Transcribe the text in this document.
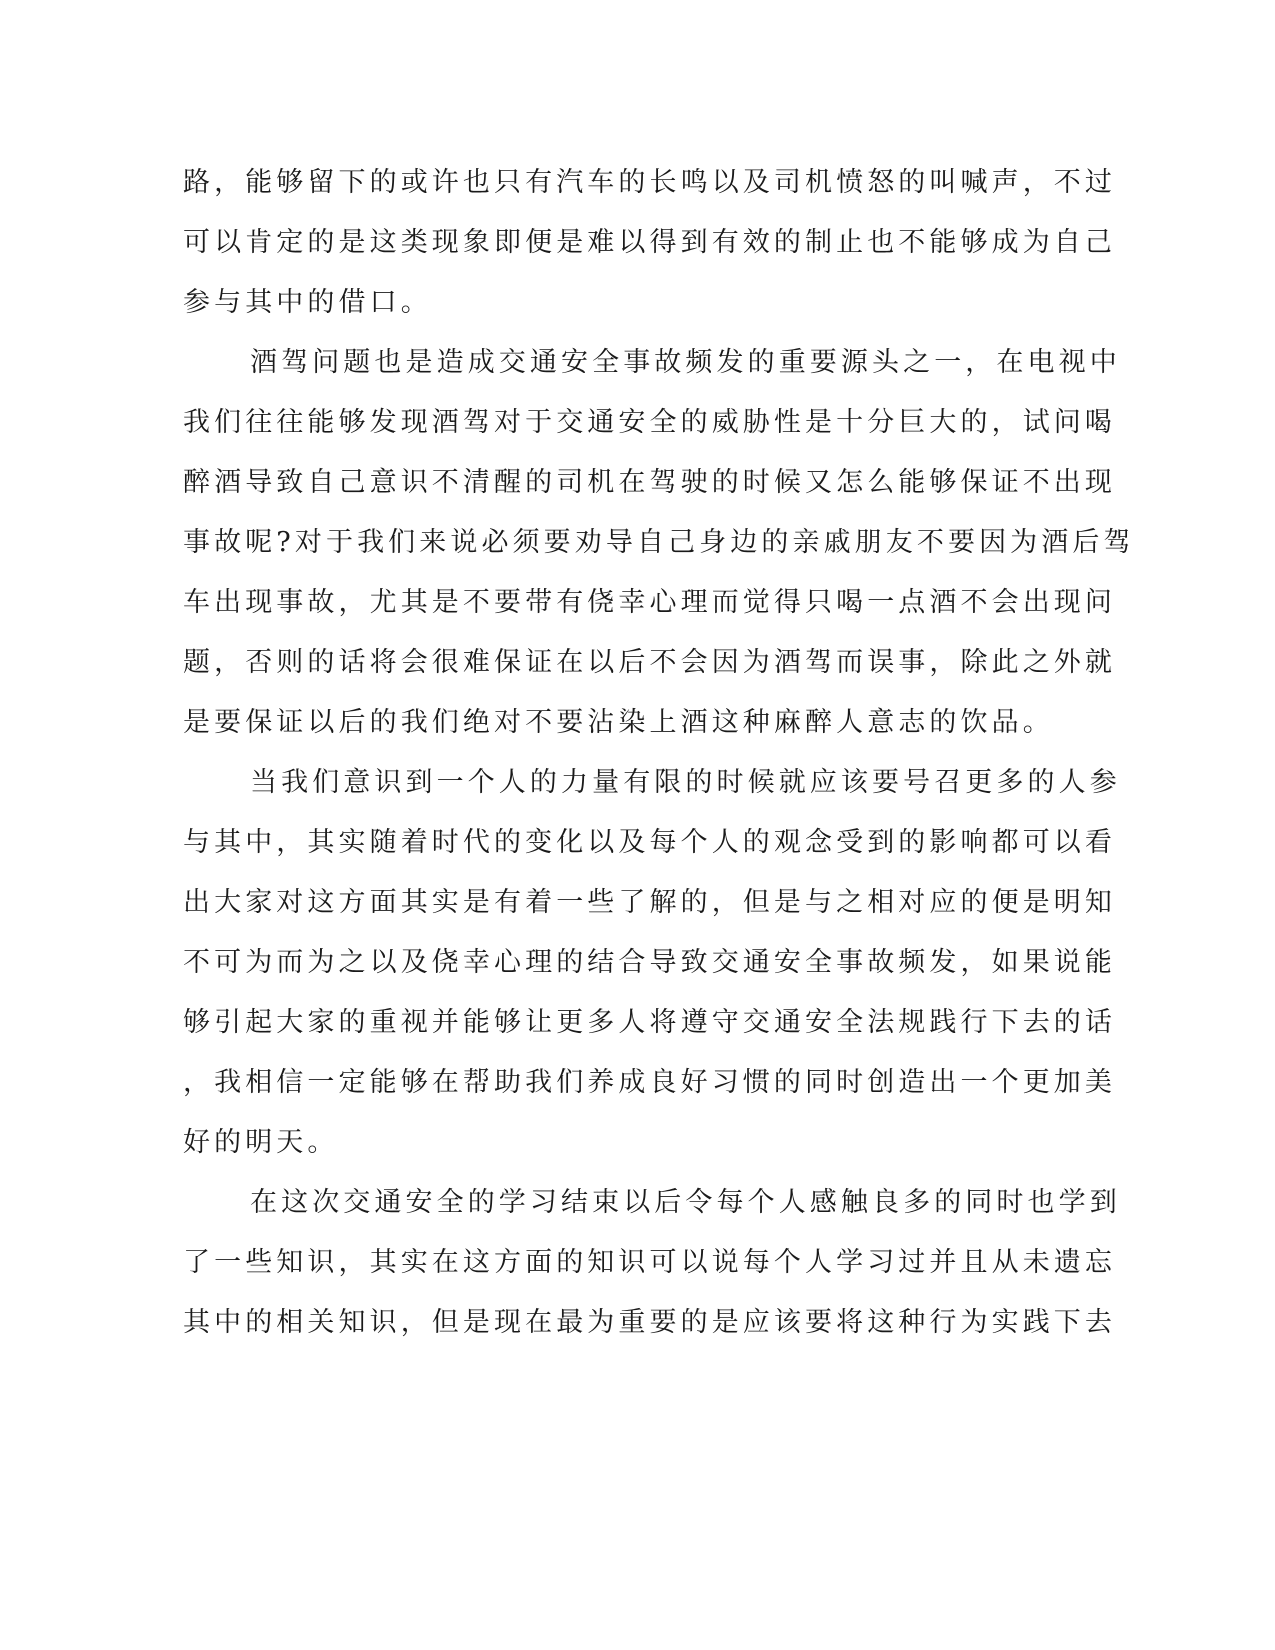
路，能够留下的或许也只有汽车的长鸣以及司机愤怒的叫喊声，不过
可以肯定的是这类现象即便是难以得到有效的制止也不能够成为自己
参与其中的借口。
酒驾问题也是造成交通安全事故频发的重要源头之一，在电视中
我们往往能够发现酒驾对于交通安全的威胁性是十分巨大的，试问喝
醉酒导致自己意识不清醒的司机在驾驶的时候又怎么能够保证不出现
事故呢?对于我们来说必须要劝导自己身边的亲戚朋友不要因为酒后驾
车出现事故，尤其是不要带有侥幸心理而觉得只喝一点酒不会出现问
题，否则的话将会很难保证在以后不会因为酒驾而误事，除此之外就
是要保证以后的我们绝对不要沾染上酒这种麻醉人意志的饮品。
当我们意识到一个人的力量有限的时候就应该要号召更多的人参
与其中，其实随着时代的变化以及每个人的观念受到的影响都可以看
出大家对这方面其实是有着一些了解的，但是与之相对应的便是明知
不可为而为之以及侥幸心理的结合导致交通安全事故频发，如果说能
够引起大家的重视并能够让更多人将遵守交通安全法规践行下去的话
，我相信一定能够在帮助我们养成良好习惯的同时创造出一个更加美
好的明天。
在这次交通安全的学习结束以后令每个人感触良多的同时也学到
了一些知识，其实在这方面的知识可以说每个人学习过并且从未遗忘
其中的相关知识，但是现在最为重要的是应该要将这种行为实践下去
